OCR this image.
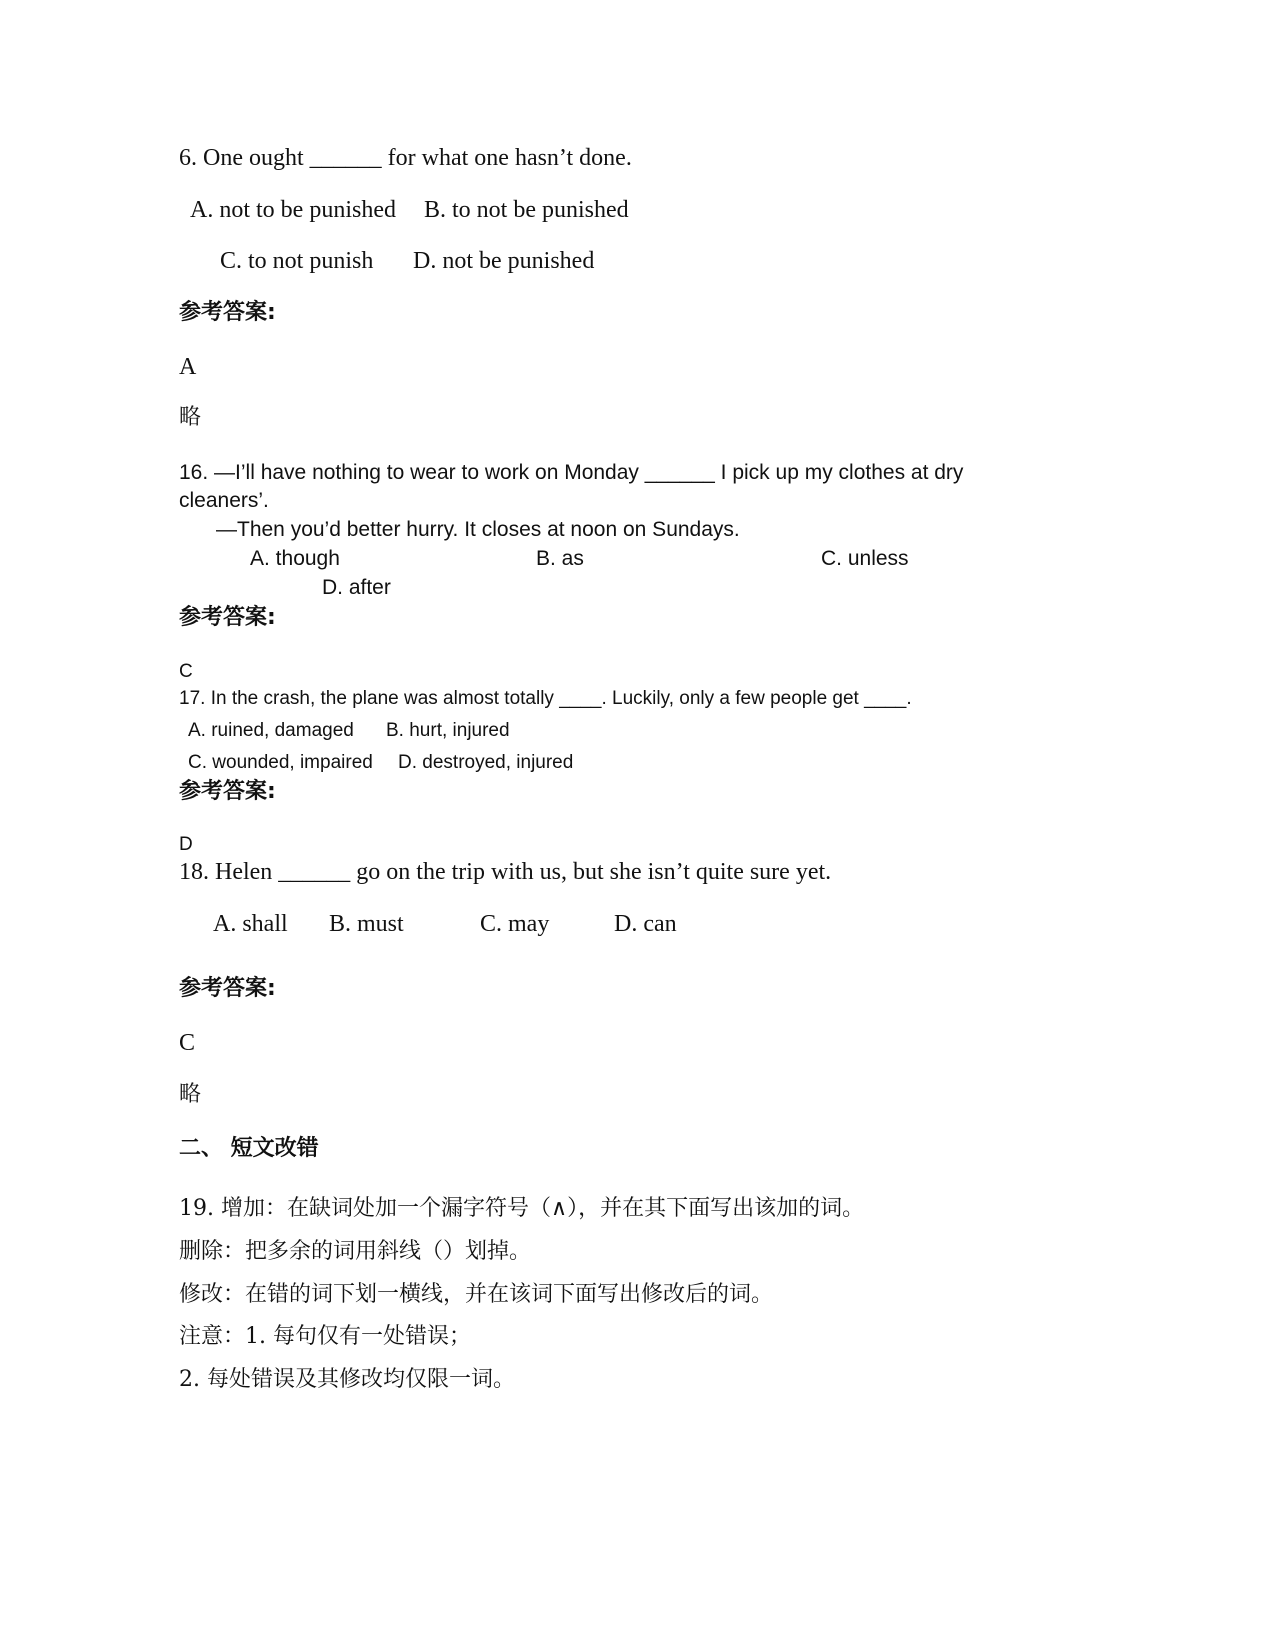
6. One ought ______ for what one hasn’t done.
A. not to be punished B. to not be punished
C. to not punish D. not be punished
参考答案:
A
略
16. —I’ll have nothing to wear to work on Monday ______ I pick up my clothes at dry
cleaners’.
—Then you’d better hurry. It closes at noon on Sundays.
A. though	B. as	C. unless
D. after
参考答案:
C
17. In the crash, the plane was almost totally ____. Luckily, only a few people get ____.
A. ruined, damaged B. hurt, injured
C. wounded, impaired D. destroyed, injured
参考答案:
D
18. Helen ______ go on the trip with us, but she isn’t quite sure yet.
A. shall B. must	C. may	D. can
参考答案:
C
略
二、 短文改错
19. 增加：在缺词处加一个漏字符号（∧），并在其下面写出该加的词。
删除：把多余的词用斜线（）划掉。
修改：在错的词下划一横线，并在该词下面写出修改后的词。
注意：1. 每句仅有一处错误；
2. 每处错误及其修改均仅限一词。
